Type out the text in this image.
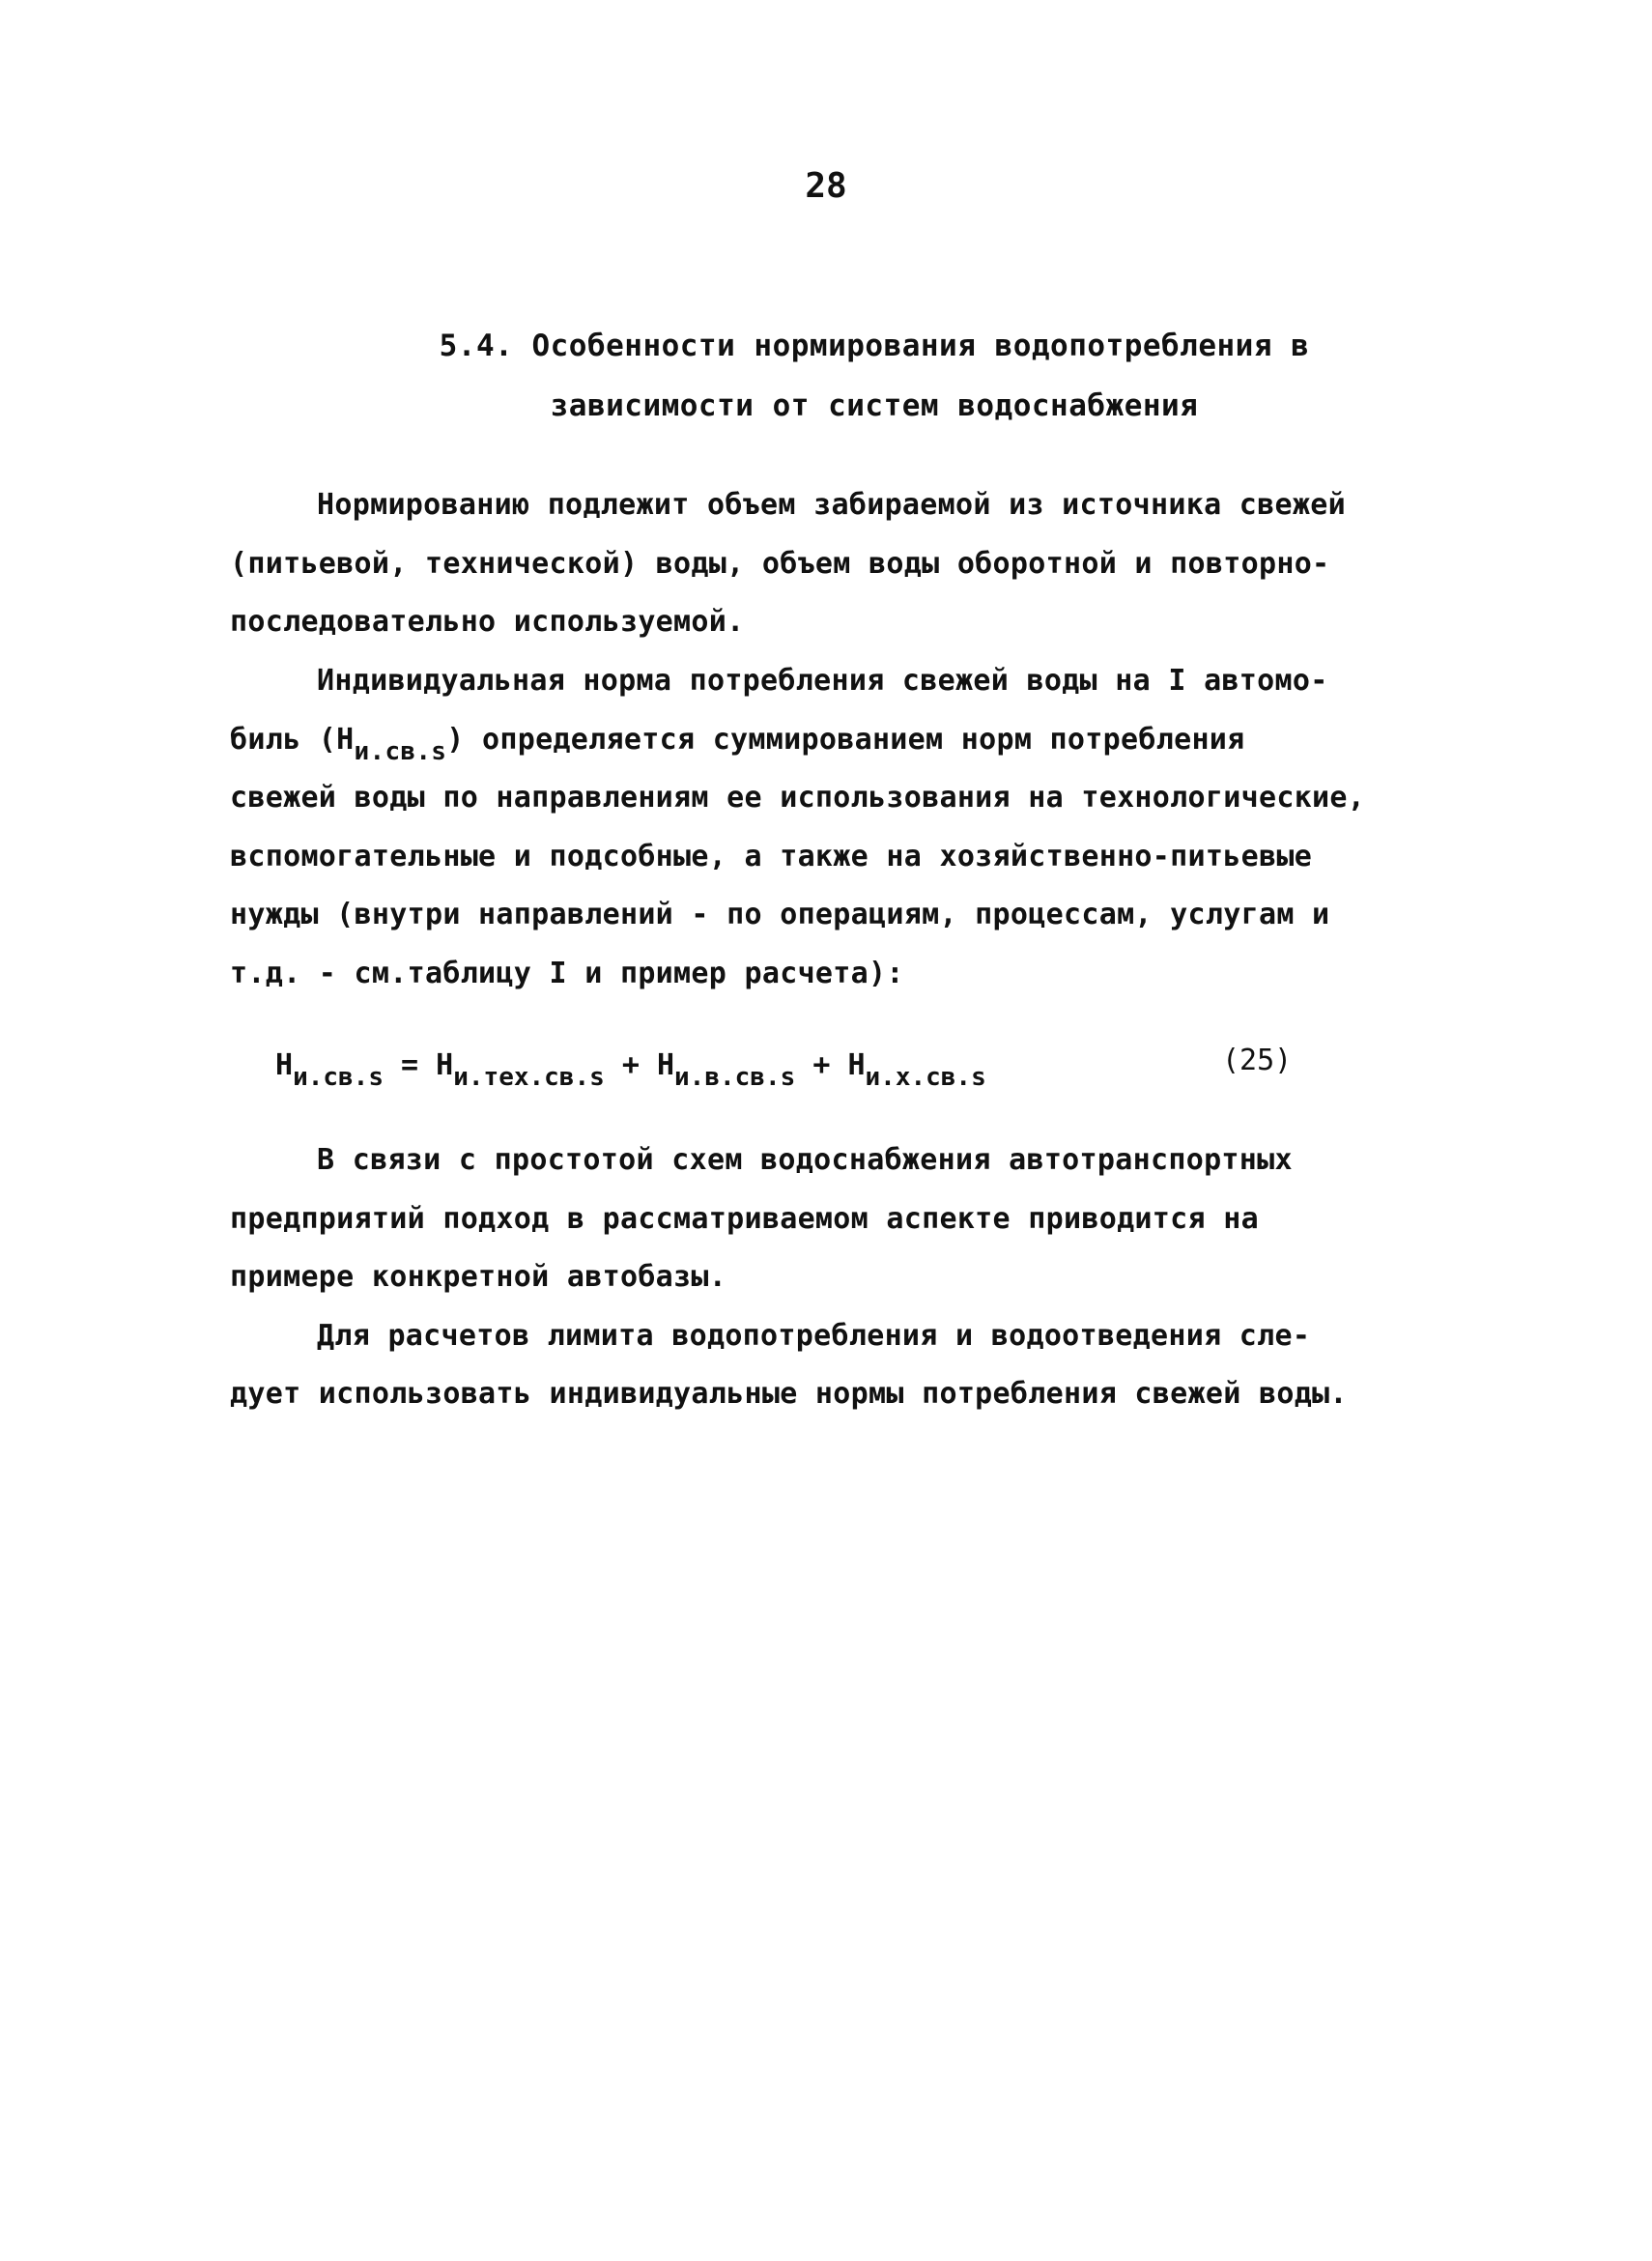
28
5.4. Особенности нормирования водопотребления в
зависимости от систем водоснабжения
Нормированию подлежит объем забираемой из источника свежей
(питьевой, технической) воды, объем воды оборотной и повторно-
последовательно используемой.
Индивидуальная норма потребления свежей воды на I автомо-
биль $(Н_{и.св.s})$ определяется суммированием норм потребления
свежей воды по направлениям ее использования на технологические,
вспомогательные и подсобные, а также на хозяйственно-питьевые
нужды (внутри направлений - по операциям, процессам, услугам и
т.д. - см.таблицу I и пример расчета):
$Н_{и.св.s} = Н_{и.тех.св.s} + Н_{и.в.св.s} + Н_{и.х.св.s}$	(25)
В связи с простотой схем водоснабжения автотранспортных
предприятий подход в рассматриваемом аспекте приводится на
примере конкретной автобазы.
Для расчетов лимита водопотребления и водоотведения сле-
дует использовать индивидуальные нормы потребления свежей воды.
